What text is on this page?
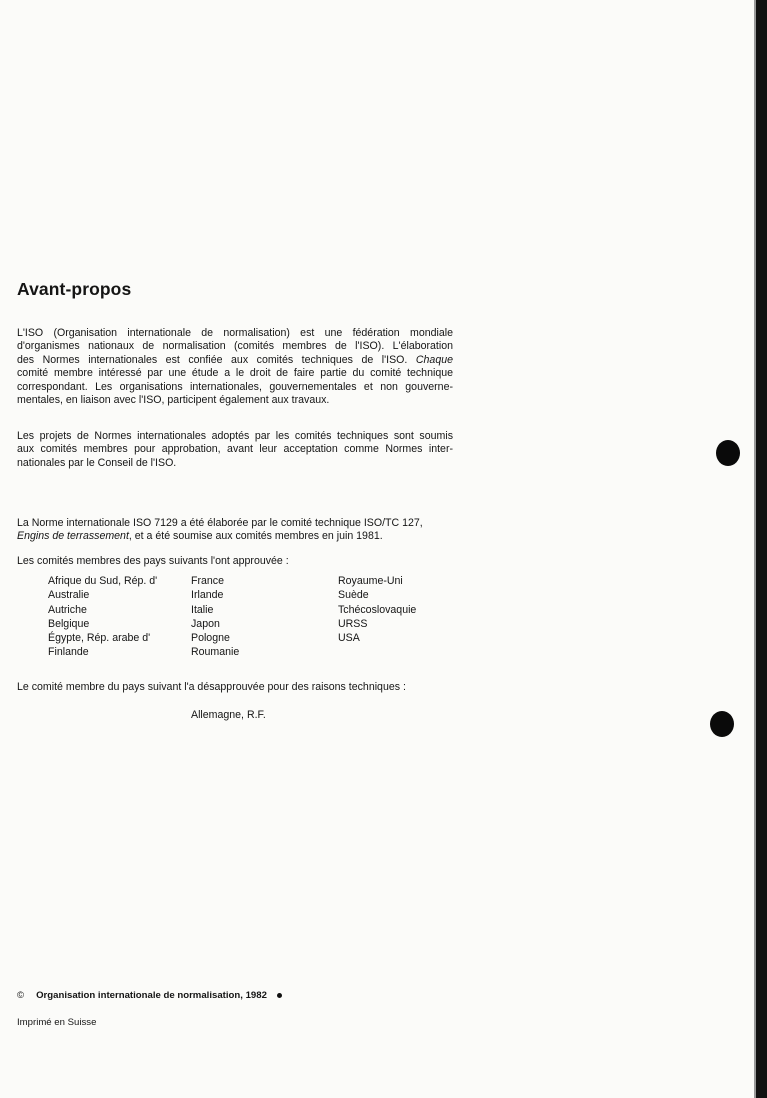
Avant-propos
L'ISO (Organisation internationale de normalisation) est une fédération mondiale
d'organismes nationaux de normalisation (comités membres de l'ISO). L'élaboration
des Normes internationales est confiée aux comités techniques de l'ISO. Chaque
comité membre intéressé par une étude a le droit de faire partie du comité technique
correspondant. Les organisations internationales, gouvernementales et non gouverne-
mentales, en liaison avec l'ISO, participent également aux travaux.
Les projets de Normes internationales adoptés par les comités techniques sont soumis
aux comités membres pour approbation, avant leur acceptation comme Normes inter-
nationales par le Conseil de l'ISO.
La Norme internationale ISO 7129 a été élaborée par le comité technique ISO/TC 127,
Engins de terrassement, et a été soumise aux comités membres en juin 1981.
Les comités membres des pays suivants l'ont approuvée :
Afrique du Sud, Rép. d'
Australie
Autriche
Belgique
Égypte, Rép. arabe d'
Finlande
France
Irlande
Italie
Japon
Pologne
Roumanie
Royaume-Uni
Suède
Tchécoslovaquie
URSS
USA
Le comité membre du pays suivant l'a désapprouvée pour des raisons techniques :
Allemagne, R.F.
© Organisation internationale de normalisation, 1982
Imprimé en Suisse
